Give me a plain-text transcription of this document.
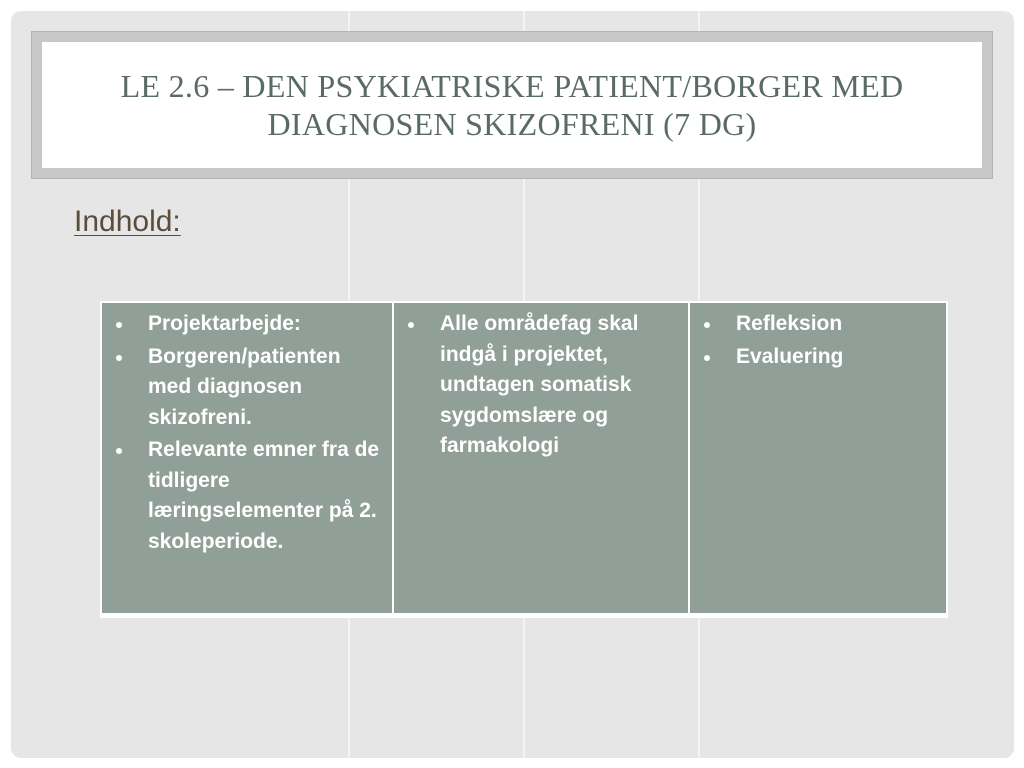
LE 2.6 – DEN PSYKIATRISKE PATIENT/BORGER MED DIAGNOSEN SKIZOFRENI (7 DG)
Indhold:
Projektarbejde:
Borgeren/patienten med diagnosen skizofreni.
Relevante emner fra de tidligere læringselementer på 2. skoleperiode.

Alle områdefag skal indgå i projektet, undtagen somatisk sygdomslære og farmakologi

Refleksion
Evaluering
